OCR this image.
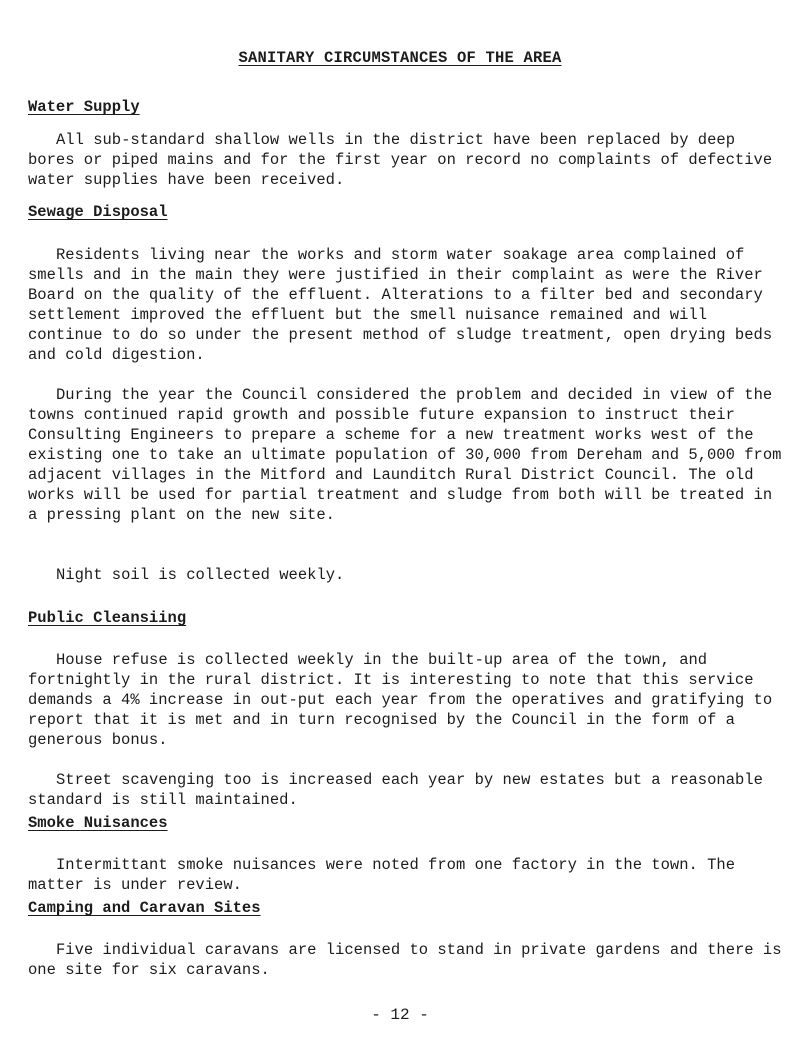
SANITARY CIRCUMSTANCES OF THE AREA
Water Supply

All sub-standard shallow wells in the district have been replaced by deep bores or piped mains and for the first year on record no complaints of defective water supplies have been received.

Sewage Disposal

Residents living near the works and storm water soakage area complained of smells and in the main they were justified in their complaint as were the River Board on the quality of the effluent. Alterations to a filter bed and secondary settlement improved the effluent but the smell nuisance remained and will continue to do so under the present method of sludge treatment, open drying beds and cold digestion.

During the year the Council considered the problem and decided in view of the towns continued rapid growth and possible future expansion to instruct their Consulting Engineers to prepare a scheme for a new treatment works west of the existing one to take an ultimate population of 30,000 from Dereham and 5,000 from adjacent villages in the Mitford and Launditch Rural District Council. The old works will be used for partial treatment and sludge from both will be treated in a pressing plant on the new site.

Night soil is collected weekly.

Public Cleansiing

House refuse is collected weekly in the built-up area of the town, and fortnightly in the rural district. It is interesting to note that this service demands a 4% increase in out-put each year from the operatives and gratifying to report that it is met and in turn recognised by the Council in the form of a generous bonus.

Street scavenging too is increased each year by new estates but a reasonable standard is still maintained.

Smoke Nuisances

Intermittant smoke nuisances were noted from one factory in the town. The matter is under review.

Camping and Caravan Sites

Five individual caravans are licensed to stand in private gardens and there is one site for six caravans.

- 12 -
